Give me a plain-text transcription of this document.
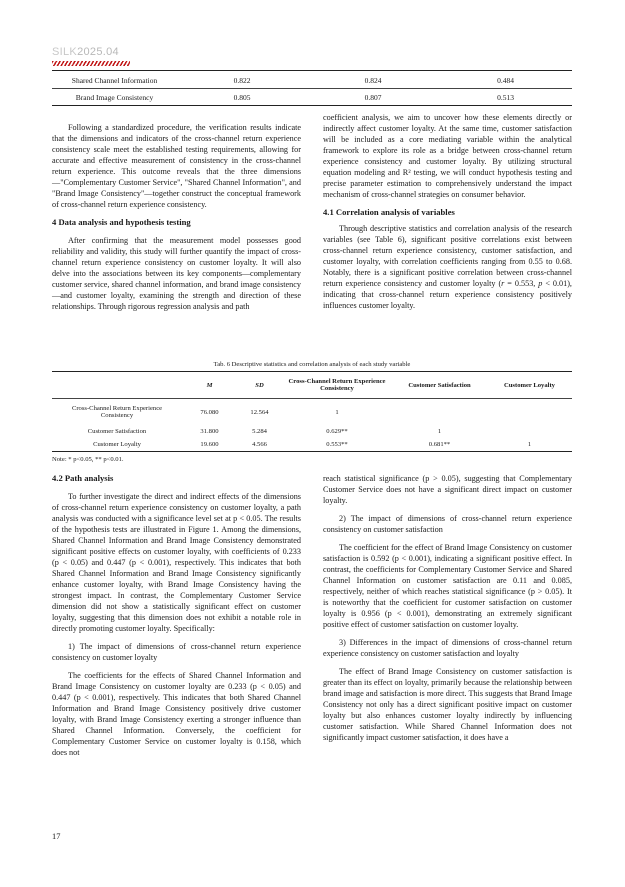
SILK2025.04
Shared Channel Information	0.822	0.824	0.484
Brand Image Consistency	0.805	0.807	0.513

Following a standardized procedure, the verification results indicate that the dimensions and indicators of the cross-channel return experience consistency scale meet the established testing requirements, allowing for accurate and effective measurement of consistency in the cross-channel return experience. This outcome reveals that the three dimensions—"Complementary Customer Service", "Shared Channel Information", and "Brand Image Consistency"—together construct the conceptual framework of cross-channel return experience consistency.

4 Data analysis and hypothesis testing

After confirming that the measurement model possesses good reliability and validity, this study will further quantify the impact of cross-channel return experience consistency on customer loyalty. It will also delve into the associations between its key components—complementary customer service, shared channel information, and brand image consistency—and customer loyalty, examining the strength and direction of these relationships. Through rigorous regression analysis and path

coefficient analysis, we aim to uncover how these elements directly or indirectly affect customer loyalty. At the same time, customer satisfaction will be included as a core mediating variable within the analytical framework to explore its role as a bridge between cross-channel return experience consistency and customer loyalty. By utilizing structural equation modeling and R² testing, we will conduct hypothesis testing and precise parameter estimation to comprehensively understand the impact mechanism of cross-channel strategies on consumer behavior.

4.1 Correlation analysis of variables

Through descriptive statistics and correlation analysis of the research variables (see Table 6), significant positive correlations exist between cross-channel return experience consistency, customer satisfaction, and customer loyalty, with correlation coefficients ranging from 0.55 to 0.68. Notably, there is a significant positive correlation between cross-channel return experience consistency and customer loyalty (r = 0.553, p < 0.01), indicating that cross-channel return experience consistency positively influences customer loyalty.

Tab. 6 Descriptive statistics and correlation analysis of each study variable
	M	SD	Cross-Channel Return Experience Consistency	Customer Satisfaction	Customer Loyalty
Cross-Channel Return Experience Consistency	76.080	12.564	1		
Customer Satisfaction	31.800	5.284	0.629**	1	
Customer Loyalty	19.600	4.566	0.553**	0.681**	1
Note: * p<0.05, ** p<0.01.

4.2 Path analysis

To further investigate the direct and indirect effects of the dimensions of cross-channel return experience consistency on customer loyalty, a path analysis was conducted with a significance level set at p < 0.05. The results of the hypothesis tests are illustrated in Figure 1. Among the dimensions, Shared Channel Information and Brand Image Consistency demonstrated significant positive effects on customer loyalty, with coefficients of 0.233 (p < 0.05) and 0.447 (p < 0.001), respectively. This indicates that both Shared Channel Information and Brand Image Consistency significantly enhance customer loyalty, with Brand Image Consistency having the strongest impact. In contrast, the Complementary Customer Service dimension did not show a statistically significant effect on customer loyalty, suggesting that this dimension does not exhibit a notable role in directly promoting customer loyalty. Specifically:

1) The impact of dimensions of cross-channel return experience consistency on customer loyalty

The coefficients for the effects of Shared Channel Information and Brand Image Consistency on customer loyalty are 0.233 (p < 0.05) and 0.447 (p < 0.001), respectively. This indicates that both Shared Channel Information and Brand Image Consistency positively drive customer loyalty, with Brand Image Consistency exerting a stronger influence than Shared Channel Information. Conversely, the coefficient for Complementary Customer Service on customer loyalty is 0.158, which does not

reach statistical significance (p > 0.05), suggesting that Complementary Customer Service does not have a significant direct impact on customer loyalty.

2) The impact of dimensions of cross-channel return experience consistency on customer satisfaction

The coefficient for the effect of Brand Image Consistency on customer satisfaction is 0.592 (p < 0.001), indicating a significant positive effect. In contrast, the coefficients for Complementary Customer Service and Shared Channel Information on customer satisfaction are 0.11 and 0.085, respectively, neither of which reaches statistical significance (p > 0.05). It is noteworthy that the coefficient for customer satisfaction on customer loyalty is 0.956 (p < 0.001), demonstrating an extremely significant positive effect of customer satisfaction on customer loyalty.

3) Differences in the impact of dimensions of cross-channel return experience consistency on customer satisfaction and loyalty

The effect of Brand Image Consistency on customer satisfaction is greater than its effect on loyalty, primarily because the relationship between brand image and satisfaction is more direct. This suggests that Brand Image Consistency not only has a direct significant positive impact on customer loyalty but also enhances customer loyalty indirectly by influencing customer satisfaction. While Shared Channel Information does not significantly impact customer satisfaction, it does have a

17
